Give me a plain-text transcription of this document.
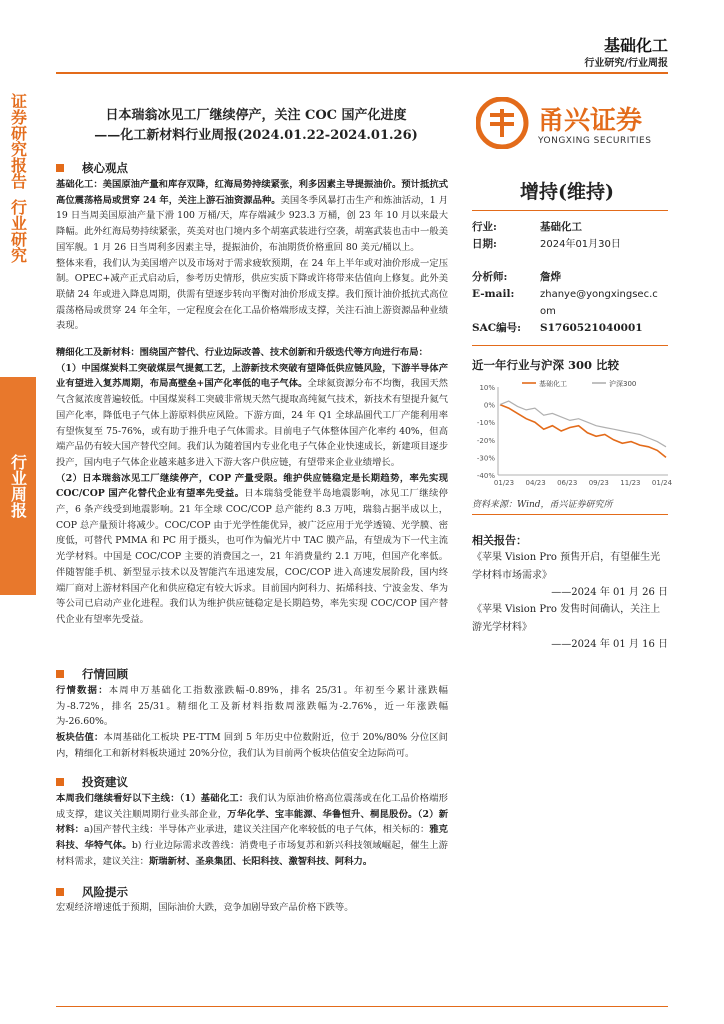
基础化工
行业研究/行业周报
证券研究报告
行业研究
行业周报
日本瑞翁冰见工厂继续停产，关注 COC 国产化进度
——化工新材料行业周报(2024.01.22-2024.01.26)	甬兴证券
YONGXING SECURITIES
核心观点

基础化工：美国原油产量和库存双降，红海局势持续紧张，利多因素主导提振油价。预计抵抗式高位震荡格局或贯穿 24 年，关注上游石油资源品种。美国冬季风暴打击生产和炼油活动，1 月 19 日当周美国原油产量下滑 100 万桶/天，库存端减少 923.3 万桶，创 23 年 10 月以来最大降幅。此外红海局势持续紧张，英美对也门境内多个胡塞武装进行空袭，胡塞武装也击中一般美国军舰。1 月 26 日当周利多因素主导，提振油价，布油期货价格重回 80 美元/桶以上。

整体来看，我们认为美国增产以及市场对于需求疲软预期，在 24 年上半年或对油价形成一定压制。OPEC+减产正式启动后，参考历史情形，供应实质下降或许将带来估值向上修复。此外美联储 24 年或进入降息周期，供需有望逐步转向平衡对油价形成支撑。我们预计油价抵抗式高位震荡格局或贯穿 24 年全年，一定程度会在化工品价格端形成支撑，关注石油上游资源品种业绩表现。

精细化工及新材料：围绕国产替代、行业边际改善、技术创新和升级迭代等方向进行布局：

（1）中国煤炭料工突破煤层气提氦工艺，上游新技术突破有望降低供应链风险，下游半导体产业有望进入复苏周期，布局高壁垒+国产化率低的电子气体。全球氦资源分布不均衡，我国天然气含氦浓度普遍较低。中国煤炭科工突破非常规天然气提取高纯氦气技术，新技术有望提升氦气国产化率，降低电子气体上游原料供应风险。下游方面，24 年 Q1 全球晶圆代工厂产能利用率有望恢复至 75-76%，或有助于推升电子气体需求。目前电子气体整体国产化率约 40%，但高端产品仍有较大国产替代空间。我们认为随着国内专业化电子气体企业快速成长，新建项目逐步投产，国内电子气体企业越来越多进入下游大客户供应链，有望带来企业业绩增长。

（2）日本瑞翁冰见工厂继续停产，COP 产量受限。维护供应链稳定是长期趋势，率先实现 COC/COP 国产化替代企业有望率先受益。日本瑞翁受能登半岛地震影响，冰见工厂继续停产，6 条产线受到地震影响。21 年全球 COC/COP 总产能约 8.3 万吨，瑞翁占据半成以上，COP 总产量预计将减少。COC/COP 由于光学性能优异，被广泛应用于光学透镜、光学膜、密度低，可替代 PMMA 和 PC 用于摄头，也可作为偏光片中 TAC 膜产品，有望成为下一代主流光学材料。中国是 COC/COP 主要的消费国之一，21 年消费量约 2.1 万吨，但国产化率低。伴随智能手机、新型显示技术以及智能汽车迅速发展，COC/COP 进入高速发展阶段，国内终端厂商对上游材料国产化和供应稳定有较大诉求。目前国内阿科力、拓烯科技、宁波金发、华为等公司已启动产业化进程。我们认为维护供应链稳定是长期趋势，率先实现 COC/COP 国产替代企业有望率先受益。

行情回顾

行情数据：本周申万基础化工指数涨跌幅-0.89%，排名 25/31。年初至今累计涨跌幅为-8.72%，排名 25/31。精细化工及新材料指数周涨跌幅为-2.76%，近一年涨跌幅为-26.60%。

板块估值：本周基础化工板块 PE-TTM 回到 5 年历史中位数附近，位于 20%/80% 分位区间内，精细化工和新材料板块通过 20%分位，我们认为目前两个板块估值安全边际尚可。

投资建议

本周我们继续看好以下主线：（1）基础化工：我们认为原油价格高位震荡或在化工品价格端形成支撑，建议关注顺周期行业头部企业，万华化学、宝丰能源、华鲁恒升、桐昆股份。（2）新材料：a)国产替代主线：半导体产业承进，建议关注国产化率较低的电子气体，相关标的：雅克科技、华特气体。b) 行业边际需求改善线：消费电子市场复苏和新兴科技领域崛起，催生上游材料需求，建议关注：斯瑞新材、圣泉集团、长阳科技、激智科技、阿科力。

风险提示

宏观经济增速低于预期，国际油价大跌，竞争加剧导致产品价格下跌等。

增持(维持)
行业:	基础化工
日期:	2024年01月30日
分析师:	詹烨
E-mail:	zhanye@yongxingsec.c
om
SAC编号: S1760521040001
近一年行业与沪深 300 比较
10%
0%
-10%
-20%
-30%
-40%
01/23 04/23 06/23 09/23 11/23 01/24
基础化工	沪深300
资料来源：Wind，甬兴证券研究所
相关报告：
《苹果 Vision Pro 预售开启，有望催生光学材料市场需求》
——2024 年 01 月 26 日
《苹果 Vision Pro 发售时间确认，关注上游光学材料》
——2024 年 01 月 16 日
